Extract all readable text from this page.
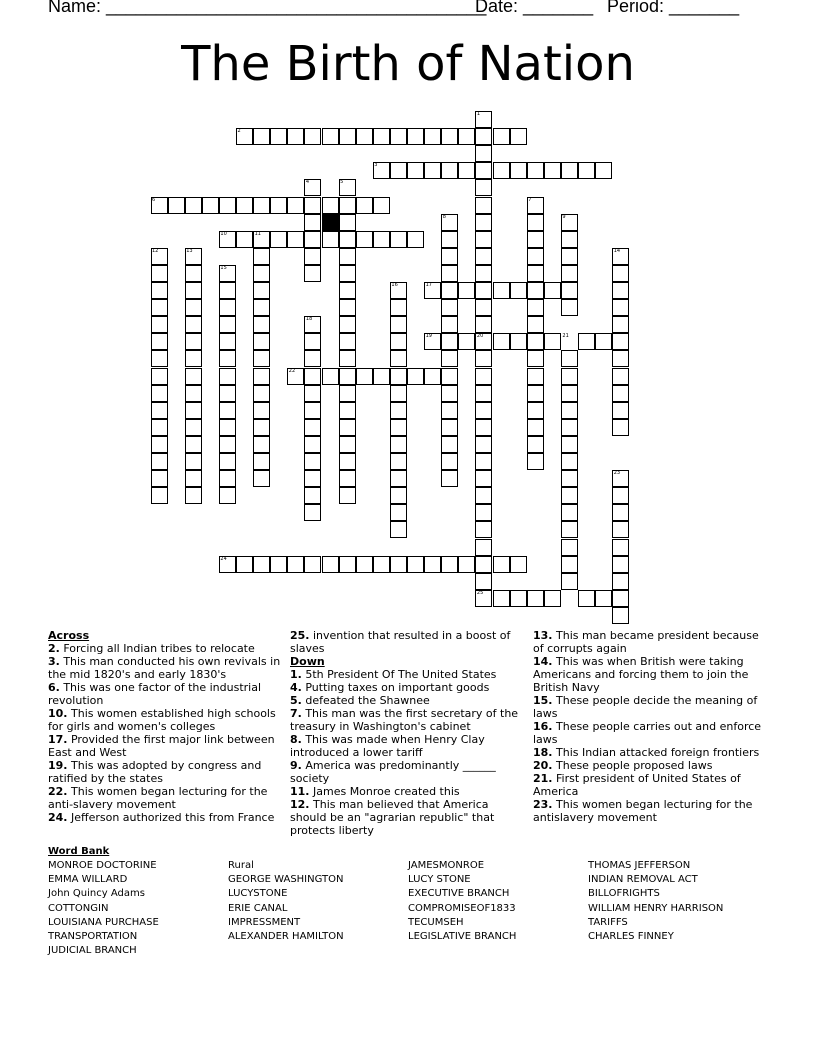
Name: ______________________________________
Date: _______ Period: _______
The Birth of Nation
1
2
3
4	5
6	7
8	9
10	11
12	13	14
15
16	17
18
19	20	21
22
23
24
25
Across
2. Forcing all Indian tribes to relocate
3. This man conducted his own revivals in the mid 1820's and early 1830's
6. This was one factor of the industrial revolution
10. This women established high schools for girls and women's colleges
17. Provided the first major link between East and West
19. This was adopted by congress and ratified by the states
22. This women began lecturing for the anti-slavery movement
24. Jefferson authorized this from France
25. invention that resulted in a boost of slaves
Down
1. 5th President Of The United States
4. Putting taxes on important goods
5. defeated the Shawnee
7. This man was the first secretary of the treasury in Washington's cabinet
8. This was made when Henry Clay introduced a lower tariff
9. America was predominantly ______ society
11. James Monroe created this
12. This man believed that America should be an "agrarian republic" that protects liberty
13. This man became president because of corrupts again
14. This was when British were taking Americans and forcing them to join the British Navy
15. These people decide the meaning of laws
16. These people carries out and enforce laws
18. This Indian attacked foreign frontiers
20. These people proposed laws
21. First president of United States of America
23. This women began lecturing for the antislavery movement
Word Bank
MONROE DOCTORINE
EMMA WILLARD
John Quincy Adams
COTTONGIN
LOUISIANA PURCHASE
TRANSPORTATION
JUDICIAL BRANCH
Rural
GEORGE WASHINGTON
LUCYSTONE
ERIE CANAL
IMPRESSMENT
ALEXANDER HAMILTON
JAMESMONROE
LUCY STONE
EXECUTIVE BRANCH
COMPROMISEOF1833
TECUMSEH
LEGISLATIVE BRANCH
THOMAS JEFFERSON
INDIAN REMOVAL ACT
BILLOFRIGHTS
WILLIAM HENRY HARRISON
TARIFFS
CHARLES FINNEY
